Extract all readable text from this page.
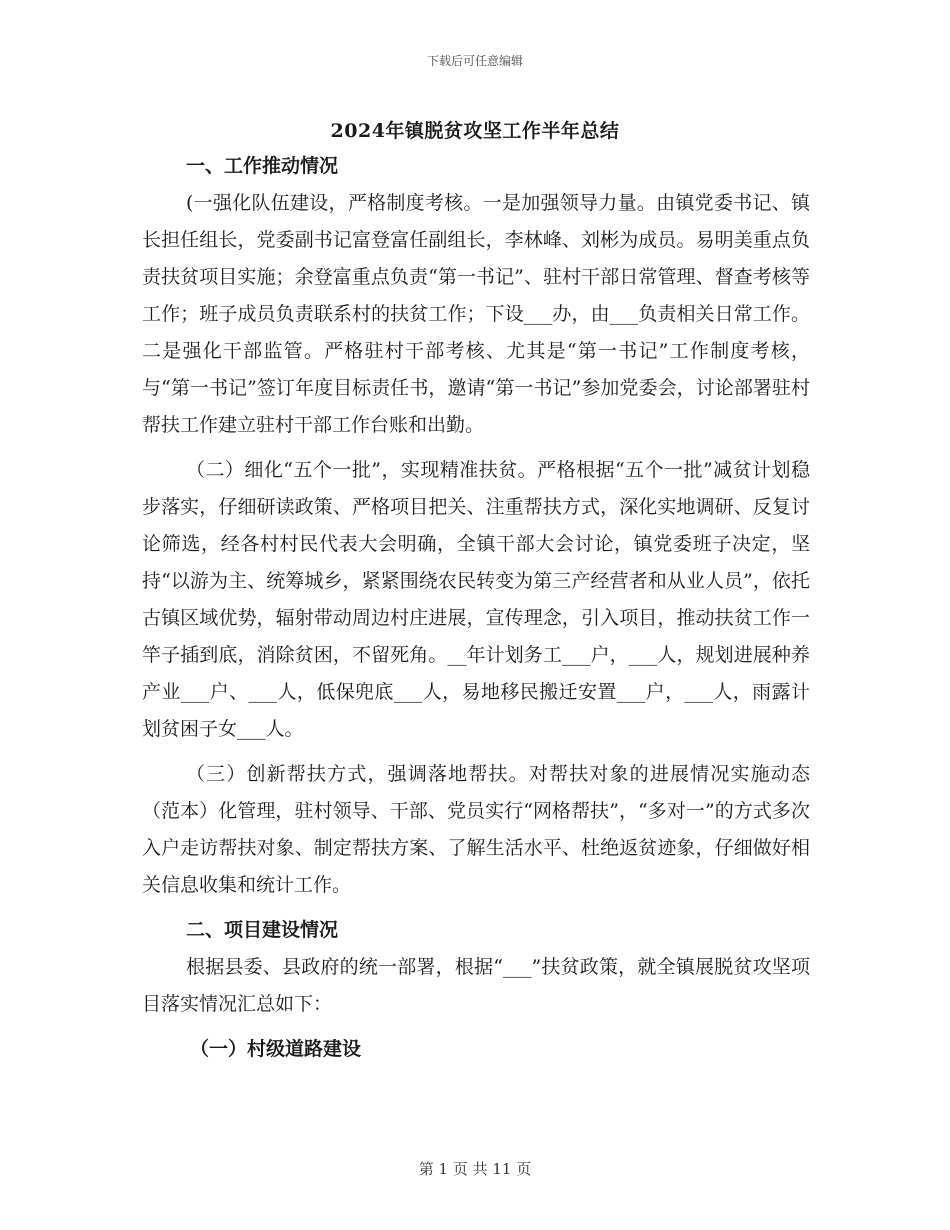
下载后可任意编辑
2024年镇脱贫攻坚工作半年总结

一、工作推动情况

(一强化队伍建设，严格制度考核。一是加强领导力量。由镇党委书记、镇长担任组长，党委副书记富登富任副组长，李林峰、刘彬为成员。易明美重点负责扶贫项目实施；余登富重点负责“第一书记”、驻村干部日常管理、督查考核等工作；班子成员负责联系村的扶贫工作；下设___办，由___负责相关日常工作。二是强化干部监管。严格驻村干部考核、尤其是“第一书记”工作制度考核，与“第一书记”签订年度目标责任书，邀请“第一书记”参加党委会，讨论部署驻村帮扶工作建立驻村干部工作台账和出勤。

（二）细化“五个一批”，实现精准扶贫。严格根据“五个一批”减贫计划稳步落实，仔细研读政策、严格项目把关、注重帮扶方式，深化实地调研、反复讨论筛选，经各村村民代表大会明确，全镇干部大会讨论，镇党委班子决定，坚持“以游为主、统筹城乡，紧紧围绕农民转变为第三产经营者和从业人员”，依托古镇区域优势，辐射带动周边村庄进展，宣传理念，引入项目，推动扶贫工作一竿子插到底，消除贫困，不留死角。__年计划务工___户，___人，规划进展种养产业___户、___人，低保兜底___人，易地移民搬迁安置___户，___人，雨露计划贫困子女___人。

（三）创新帮扶方式，强调落地帮扶。对帮扶对象的进展情况实施动态（范本）化管理，驻村领导、干部、党员实行“网格帮扶”，“多对一”的方式多次入户走访帮扶对象、制定帮扶方案、了解生活水平、杜绝返贫迹象，仔细做好相关信息收集和统计工作。

二、项目建设情况

根据县委、县政府的统一部署，根据“___”扶贫政策，就全镇展脱贫攻坚项目落实情况汇总如下：

（一）村级道路建设

第 1 页 共 11 页
